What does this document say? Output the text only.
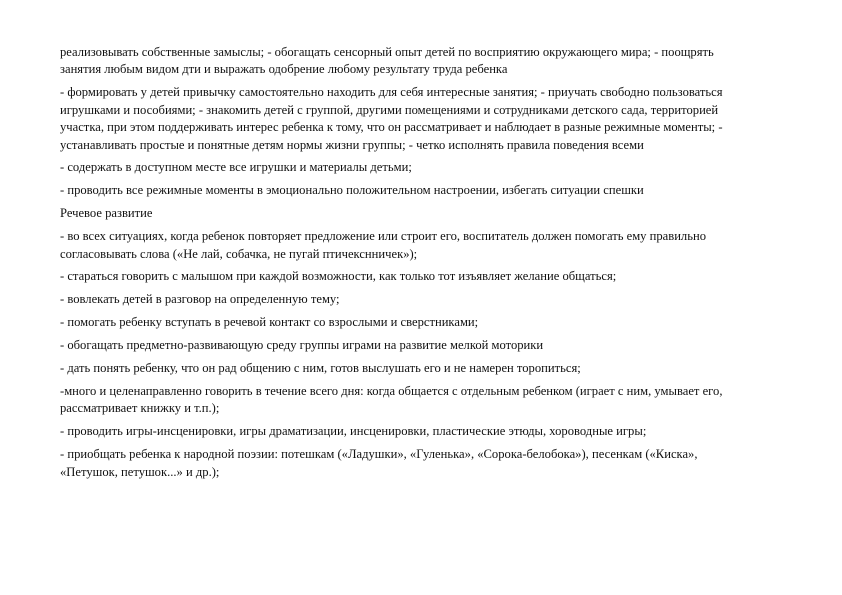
реализовывать собственные замыслы; - обогащать сенсорный опыт детей по восприятию окружающего мира; - поощрять
занятия любым видом дти и выражать одобрение любому результату труда ребенка

- формировать у детей привычку самостоятельно находить для себя интересные занятия; - приучать свободно пользоваться
игрушками и пособиями; - знакомить детей с группой, другими помещениями и сотрудниками детского сада, территорией
участка, при этом поддерживать интерес ребенка к тому, что он рассматривает и наблюдает в разные режимные моменты; -
устанавливать простые и понятные детям нормы жизни группы; - четко исполнять правила поведения всеми

- содержать в доступном месте все игрушки и материалы детьми;

- проводить все режимные моменты в эмоционально положительном настроении, избегать ситуации спешки

Речевое развитие

- во всех ситуациях, когда ребенок повторяет предложение или строит его, воспитатель должен помогать ему правильно
согласовывать слова («Не лай, собачка, не пугай птичекснничек»);

- стараться говорить с малышом при каждой возможности, как только тот изъявляет желание общаться;

- вовлекать детей в разговор на определенную тему;

- помогать ребенку вступать в речевой контакт со взрослыми и сверстниками;

- обогащать предметно-развивающую среду группы играми на развитие мелкой моторики

- дать понять ребенку, что он рад общению с ним, готов выслушать его и не намерен торопиться;

-много и целенаправленно говорить в течение всего дня: когда общается с отдельным ребенком (играет с ним, умывает его,
рассматривает книжку и т.п.);

- проводить игры-инсценировки, игры драматизации, инсценировки, пластические этюды, хороводные игры;

- приобщать ребенка к народной поэзии: потешкам («Ладушки», «Гуленька», «Сорока-белобока»), песенкам («Киска»,
«Петушок, петушок...» и др.);
